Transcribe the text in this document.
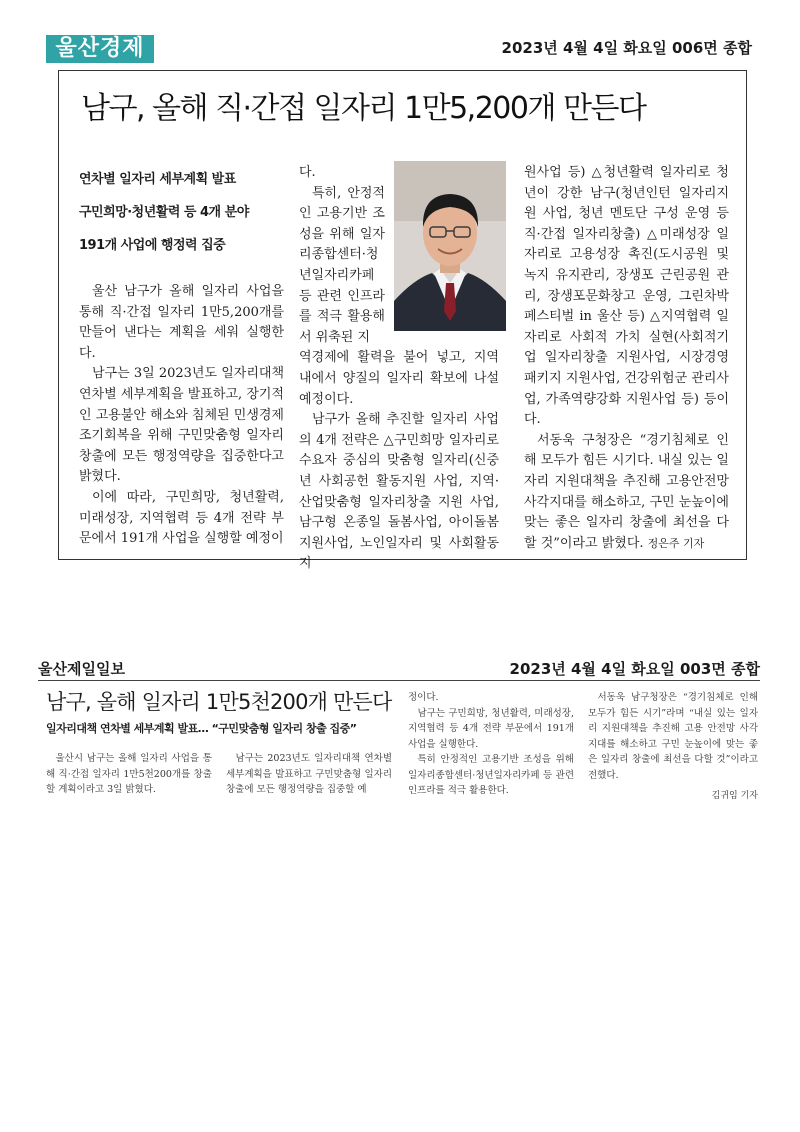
울산경제	2023년 4월 4일 화요일 006면 종합
남구, 올해 직·간접 일자리 1만5,200개 만든다
연차별 일자리 세부계획 발표
구민희망·청년활력 등 4개 분야
191개 사업에 행정력 집중

울산 남구가 올해 일자리 사업을 통해 직·간접 일자리 1만5,200개를 만들어 낸다는 계획을 세워 실행한다.

남구는 3일 2023년도 일자리대책 연차별 세부계획을 발표하고, 장기적인 고용불안 해소와 침체된 민생경제 조기회복을 위해 구민맞춤형 일자리 창출에 모든 행정역량을 집중한다고 밝혔다.

이에 따라, 구민희망, 청년활력, 미래성장, 지역협력 등 4개 전략 부문에서 191개 사업을 실행할 예정이

다.

특히, 안정적인 고용기반 조성을 위해 일자리종합센터·청년일자리카페 등 관련 인프라를 적극 활용해서 위축된 지

역경제에 활력을 불어 넣고, 지역 내에서 양질의 일자리 확보에 나설 예정이다.

남구가 올해 추진할 일자리 사업의 4개 전략은 △구민희망 일자리로 수요자 중심의 맞춤형 일자리(신중년 사회공헌 활동지원 사업, 지역·산업맞춤형 일자리창출 지원 사업, 남구형 온종일 돌봄사업, 아이돌봄 지원사업, 노인일자리 및 사회활동지

원사업 등) △청년활력 일자리로 청년이 강한 남구(청년인턴 일자리지원 사업, 청년 멘토단 구성 운영 등 직·간접 일자리창출) △미래성장 일자리로 고용성장 촉진(도시공원 및 녹지 유지관리, 장생포 근린공원 관리, 장생포문화창고 운영, 그린차박 페스티벌 in 울산 등) △지역협력 일자리로 사회적 가치 실현(사회적기업 일자리창출 지원사업, 시장경영 패키지 지원사업, 건강위험군 관리사업, 가족역량강화 지원사업 등) 등이다.

서동욱 구청장은 “경기침체로 인해 모두가 힘든 시기다. 내실 있는 일자리 지원대책을 추진해 고용안전망 사각지대를 해소하고, 구민 눈높이에 맞는 좋은 일자리 창출에 최선을 다할 것”이라고 밝혔다. 정은주 기자

울산제일일보	2023년 4월 4일 화요일 003면 종합
남구, 올해 일자리 1만5천200개 만든다
일자리대책 연차별 세부계획 발표… “구민맞춤형 일자리 창출 집중”

울산시 남구는 올해 일자리 사업을 통해 직·간접 일자리 1만5천200개를 창출할 계획이라고 3일 밝혔다.

남구는 2023년도 일자리대책 연차별 세부계획을 발표하고 구민맞춤형 일자리 창출에 모든 행정역량을 집중할 예

정이다.

남구는 구민희망, 청년활력, 미래성장, 지역협력 등 4개 전략 부문에서 191개 사업을 실행한다.

특히 안정적인 고용기반 조성을 위해 일자리종합센터·청년일자리카페 등 관련 인프라를 적극 활용한다.

서동욱 남구청장은 “경기침체로 인해 모두가 힘든 시기”라며 “내실 있는 일자리 지원대책을 추진해 고용 안전망 사각지대를 해소하고 구민 눈높이에 맞는 좋은 일자리 창출에 최선을 다할 것”이라고 전했다.

김귀임 기자
